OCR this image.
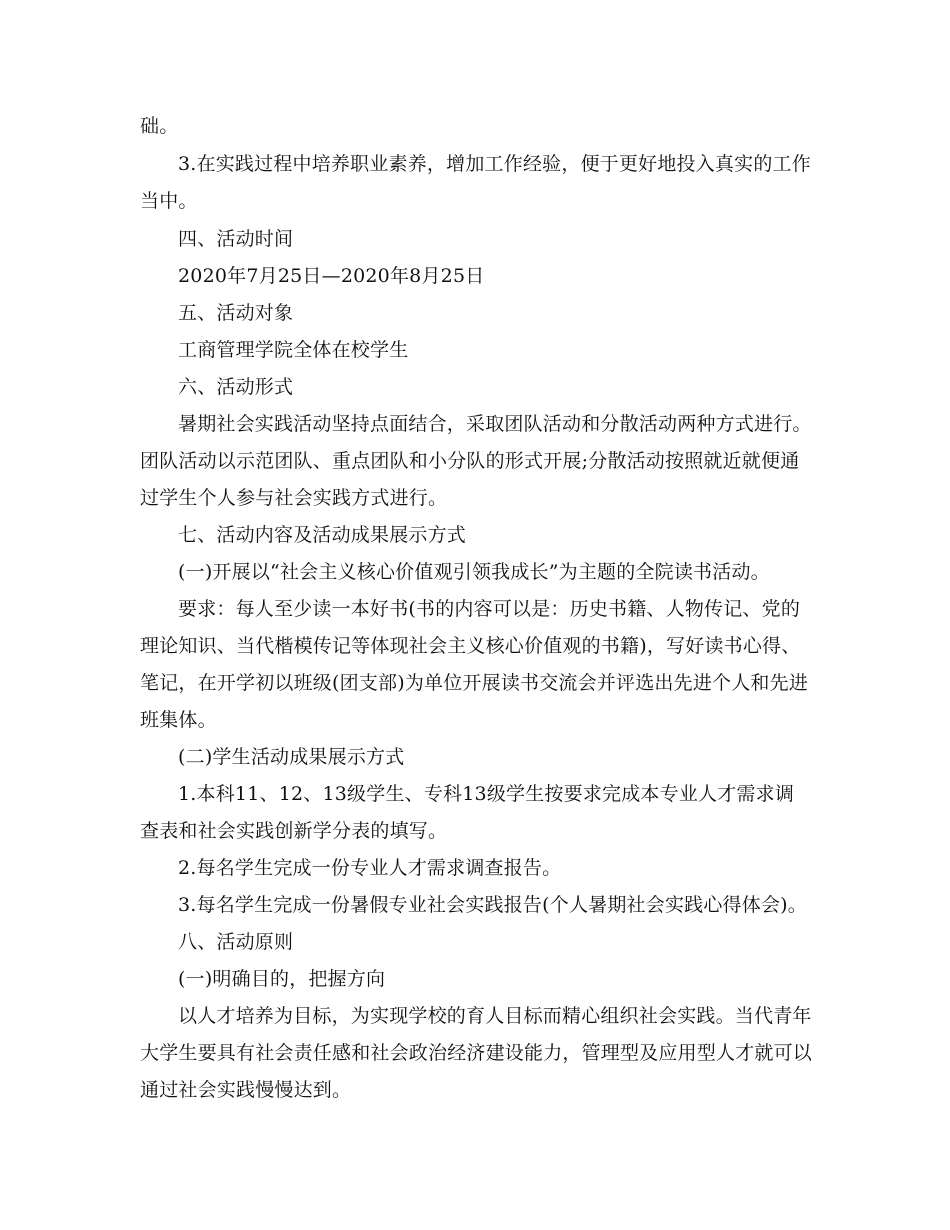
础。

3.在实践过程中培养职业素养，增加工作经验，便于更好地投入真实的工作当中。

四、活动时间

2020年7月25日—2020年8月25日

五、活动对象

工商管理学院全体在校学生

六、活动形式

暑期社会实践活动坚持点面结合，采取团队活动和分散活动两种方式进行。团队活动以示范团队、重点团队和小分队的形式开展;分散活动按照就近就便通过学生个人参与社会实践方式进行。

七、活动内容及活动成果展示方式

(一)开展以“社会主义核心价值观引领我成长”为主题的全院读书活动。

要求：每人至少读一本好书(书的内容可以是：历史书籍、人物传记、党的理论知识、当代楷模传记等体现社会主义核心价值观的书籍)，写好读书心得、笔记，在开学初以班级(团支部)为单位开展读书交流会并评选出先进个人和先进班集体。

(二)学生活动成果展示方式

1.本科11、12、13级学生、专科13级学生按要求完成本专业人才需求调查表和社会实践创新学分表的填写。

2.每名学生完成一份专业人才需求调查报告。

3.每名学生完成一份暑假专业社会实践报告(个人暑期社会实践心得体会)。

八、活动原则

(一)明确目的，把握方向

以人才培养为目标，为实现学校的育人目标而精心组织社会实践。当代青年大学生要具有社会责任感和社会政治经济建设能力，管理型及应用型人才就可以通过社会实践慢慢达到。
